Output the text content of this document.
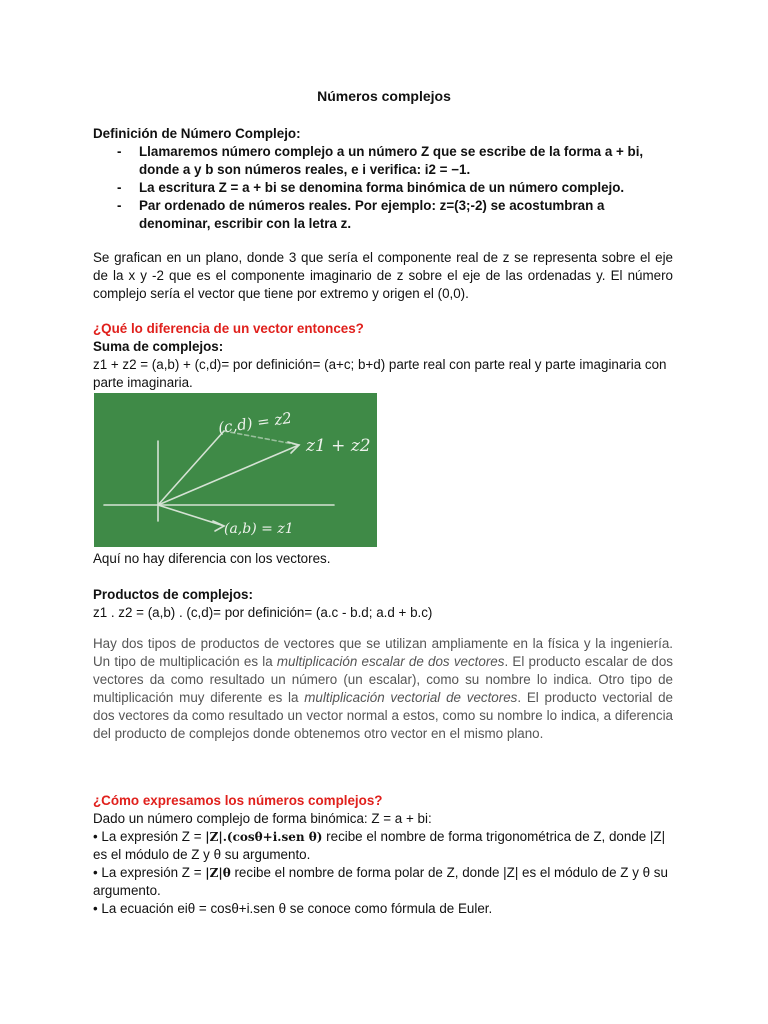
Números complejos

Definición de Número Complejo:

- Llamaremos número complejo a un número Z que se escribe de la forma a + bi, donde a y b son números reales, e i verifica: i2 = −1.
- La escritura Z = a + bi se denomina forma binómica de un número complejo.
- Par ordenado de números reales. Por ejemplo: z=(3;-2) se acostumbran a denominar, escribir con la letra z.

Se grafican en un plano, donde 3 que sería el componente real de z se representa sobre el eje de la x y -2 que es el componente imaginario de z sobre el eje de las ordenadas y. El número complejo sería el vector que tiene por extremo y origen el (0,0).

¿Qué lo diferencia de un vector entonces?

Suma de complejos:

z1 + z2 = (a,b) + (c,d)= por definición= (a+c; b+d) parte real con parte real y parte imaginaria con parte imaginaria.

(c,d) = z2
z1 + z2
(a,b) = z1

Aquí no hay diferencia con los vectores.

Productos de complejos:

z1 . z2 = (a,b) . (c,d)= por definición= (a.c - b.d; a.d + b.c)

Hay dos tipos de productos de vectores que se utilizan ampliamente en la física y la ingeniería. Un tipo de multiplicación es la multiplicación escalar de dos vectores. El producto escalar de dos vectores da como resultado un número (un escalar), como su nombre lo indica. Otro tipo de multiplicación muy diferente es la multiplicación vectorial de vectores. El producto vectorial de dos vectores da como resultado un vector normal a estos, como su nombre lo indica, a diferencia del producto de complejos donde obtenemos otro vector en el mismo plano.

¿Cómo expresamos los números complejos?

Dado un número complejo de forma binómica: Z = a + bi:

• La expresión Z = |Z|.(cosθ+i.sen θ) recibe el nombre de forma trigonométrica de Z, donde |Z| es el módulo de Z y θ su argumento.

• La expresión Z = |Z|θ recibe el nombre de forma polar de Z, donde |Z| es el módulo de Z y θ su argumento.

• La ecuación eiθ = cosθ+i.sen θ se conoce como fórmula de Euler.
